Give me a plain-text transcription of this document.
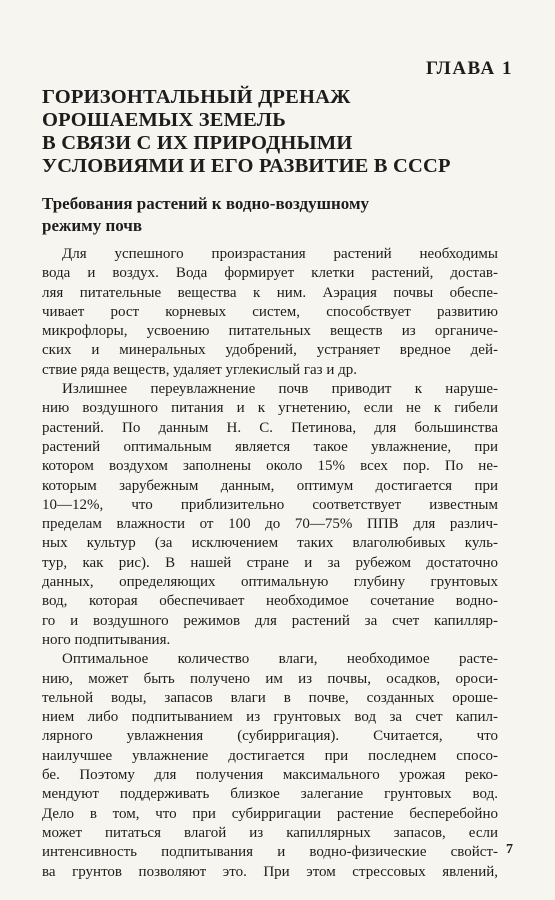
ГЛАВА 1
ГОРИЗОНТАЛЬНЫЙ ДРЕНАЖ
ОРОШАЕМЫХ ЗЕМЕЛЬ
В СВЯЗИ С ИХ ПРИРОДНЫМИ
УСЛОВИЯМИ И ЕГО РАЗВИТИЕ В СССР
Требования растений к водно-воздушному
режиму почв

Для успешного произрастания растений необходимы
вода и воздух. Вода формирует клетки растений, достав-
ляя питательные вещества к ним. Аэрация почвы обеспе-
чивает рост корневых систем, способствует развитию
микрофлоры, усвоению питательных веществ из органиче-
ских и минеральных удобрений, устраняет вредное дей-
ствие ряда веществ, удаляет углекислый газ и др.

Излишнее переувлажнение почв приводит к наруше-
нию воздушного питания и к угнетению, если не к гибели
растений. По данным Н. С. Петинова, для большинства
растений оптимальным является такое увлажнение, при
котором воздухом заполнены около 15% всех пор. По не-
которым зарубежным данным, оптимум достигается при
10—12%, что приблизительно соответствует известным
пределам влажности от 100 до 70—75% ППВ для различ-
ных культур (за исключением таких влаголюбивых куль-
тур, как рис). В нашей стране и за рубежом достаточно
данных, определяющих оптимальную глубину грунтовых
вод, которая обеспечивает необходимое сочетание водно-
го и воздушного режимов для растений за счет капилляр-
ного подпитывания.

Оптимальное количество влаги, необходимое расте-
нию, может быть получено им из почвы, осадков, ороси-
тельной воды, запасов влаги в почве, созданных ороше-
нием либо подпитыванием из грунтовых вод за счет капил-
лярного увлажнения (субирригация). Считается, что
наилучшее увлажнение достигается при последнем спосо-
бе. Поэтому для получения максимального урожая реко-
мендуют поддерживать близкое залегание грунтовых вод.
Дело в том, что при субирригации растение бесперебойно
может питаться влагой из капиллярных запасов, если
интенсивность подпитывания и водно-физические свойст-
ва грунтов позволяют это. При этом стрессовых явлений,

7
